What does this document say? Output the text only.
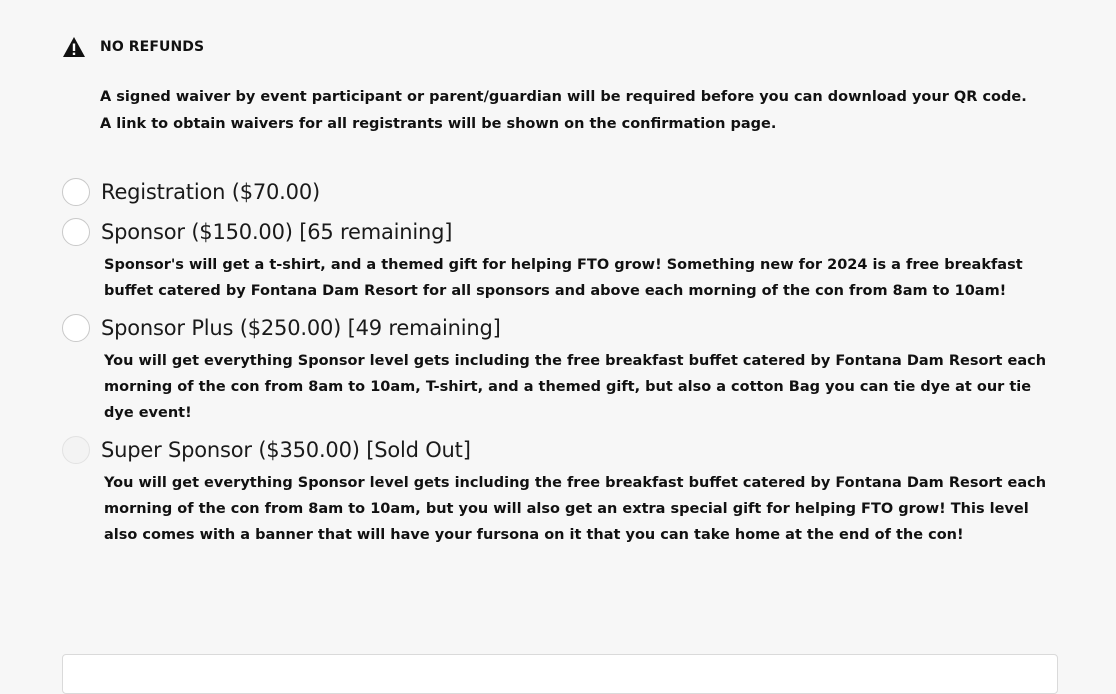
NO REFUNDS
A signed waiver by event participant or parent/guardian will be required before you can download your QR code. A link to obtain waivers for all registrants will be shown on the confirmation page.
Registration ($70.00)
Sponsor ($150.00) [65 remaining]
Sponsor's will get a t-shirt, and a themed gift for helping FTO grow! Something new for 2024 is a free breakfast buffet catered by Fontana Dam Resort for all sponsors and above each morning of the con from 8am to 10am!
Sponsor Plus ($250.00) [49 remaining]
You will get everything Sponsor level gets including the free breakfast buffet catered by Fontana Dam Resort each morning of the con from 8am to 10am, T-shirt, and a themed gift, but also a cotton Bag you can tie dye at our tie dye event!
Super Sponsor ($350.00) [Sold Out]
You will get everything Sponsor level gets including the free breakfast buffet catered by Fontana Dam Resort each morning of the con from 8am to 10am, but you will also get an extra special gift for helping FTO grow! This level also comes with a banner that will have your fursona on it that you can take home at the end of the con!
